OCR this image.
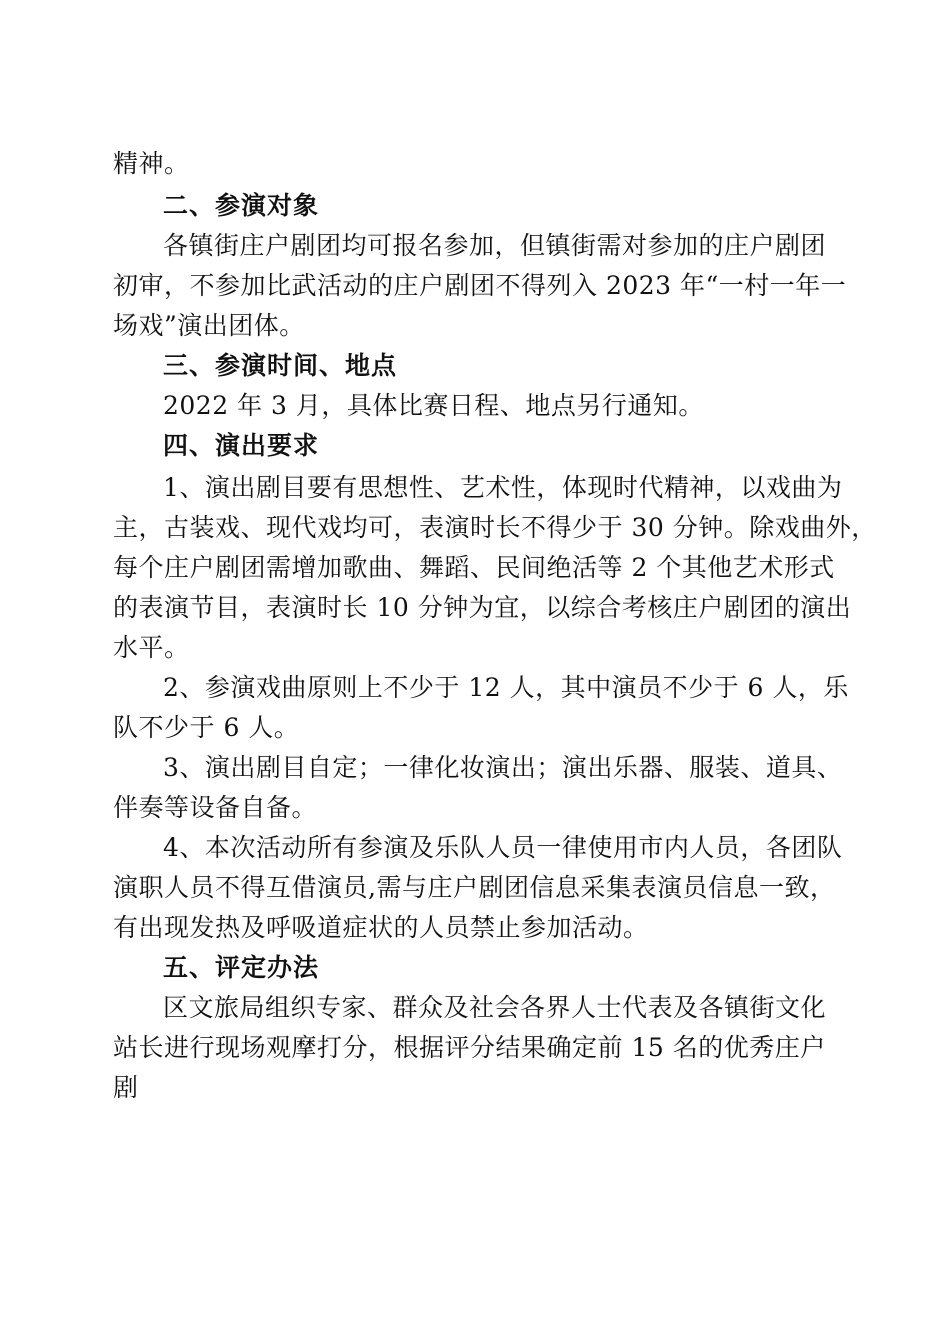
精神。
二、参演对象
各镇街庄户剧团均可报名参加，但镇街需对参加的庄户剧团
初审，不参加比武活动的庄户剧团不得列入 2023 年“一村一年一
场戏”演出团体。
三、参演时间、地点
2022 年 3 月，具体比赛日程、地点另行通知。
四、演出要求
1、演出剧目要有思想性、艺术性，体现时代精神，以戏曲为
主，古装戏、现代戏均可，表演时长不得少于 30 分钟。除戏曲外，
每个庄户剧团需增加歌曲、舞蹈、民间绝活等 2 个其他艺术形式
的表演节目，表演时长 10 分钟为宜，以综合考核庄户剧团的演出
水平。
2、参演戏曲原则上不少于 12 人，其中演员不少于 6 人，乐
队不少于 6 人。
3、演出剧目自定；一律化妆演出；演出乐器、服装、道具、
伴奏等设备自备。
4、本次活动所有参演及乐队人员一律使用市内人员，各团队
演职人员不得互借演员,需与庄户剧团信息采集表演员信息一致，
有出现发热及呼吸道症状的人员禁止参加活动。
五、评定办法
区文旅局组织专家、群众及社会各界人士代表及各镇街文化
站长进行现场观摩打分，根据评分结果确定前 15 名的优秀庄户
剧
